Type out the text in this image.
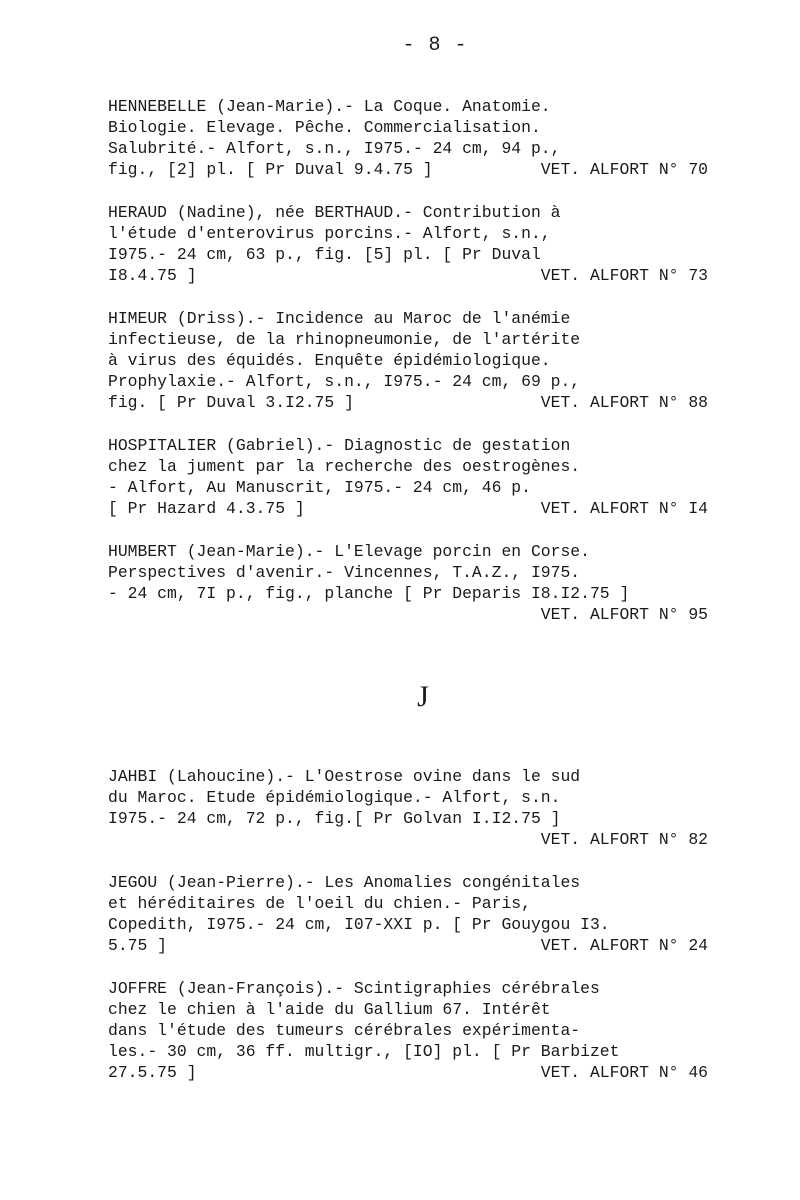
- 8 -
HENNEBELLE (Jean-Marie).- La Coque. Anatomie.
Biologie. Elevage. Pêche. Commercialisation.
Salubrité.- Alfort, s.n., I975.- 24 cm, 94 p.,
fig., [2] pl. [ Pr Duval 9.4.75 ]	VET. ALFORT N° 70
HERAUD (Nadine), née BERTHAUD.- Contribution à
l'étude d'enterovirus porcins.- Alfort, s.n.,
I975.- 24 cm, 63 p., fig. [5] pl. [ Pr Duval
I8.4.75 ]	VET. ALFORT N° 73
HIMEUR (Driss).- Incidence au Maroc de l'anémie
infectieuse, de la rhinopneumonie, de l'artérite
à virus des équidés. Enquête épidémiologique.
Prophylaxie.- Alfort, s.n., I975.- 24 cm, 69 p.,
fig. [ Pr Duval 3.I2.75 ]	VET. ALFORT N° 88
HOSPITALIER (Gabriel).- Diagnostic de gestation
chez la jument par la recherche des oestrogènes.
- Alfort, Au Manuscrit, I975.- 24 cm, 46 p.
[ Pr Hazard 4.3.75 ]	VET. ALFORT N° I4
HUMBERT (Jean-Marie).- L'Elevage porcin en Corse.
Perspectives d'avenir.- Vincennes, T.A.Z., I975.
- 24 cm, 7I p., fig., planche [ Pr Deparis I8.I2.75 ]
VET. ALFORT N° 95
J
JAHBI (Lahoucine).- L'Oestrose ovine dans le sud
du Maroc. Etude épidémiologique.- Alfort, s.n.
I975.- 24 cm, 72 p., fig.[ Pr Golvan I.I2.75 ]
VET. ALFORT N° 82
JEGOU (Jean-Pierre).- Les Anomalies congénitales
et héréditaires de l'oeil du chien.- Paris,
Copedith, I975.- 24 cm, I07-XXI p. [ Pr Gouygou I3.
5.75 ]	VET. ALFORT N° 24
JOFFRE (Jean-François).- Scintigraphies cérébrales
chez le chien à l'aide du Gallium 67. Intérêt
dans l'étude des tumeurs cérébrales expérimenta-
les.- 30 cm, 36 ff. multigr., [IO] pl. [ Pr Barbizet
27.5.75 ]	VET. ALFORT N° 46
